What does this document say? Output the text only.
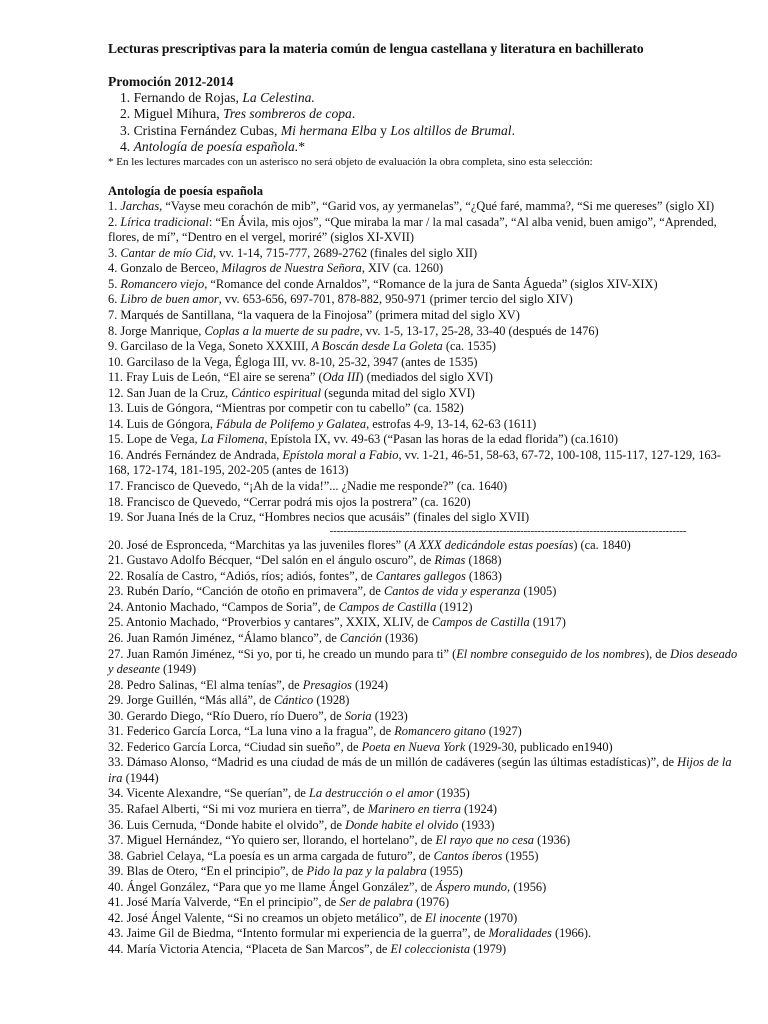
Lecturas prescriptivas para la materia común de lengua castellana y literatura en bachillerato

Promoción 2012-2014

1. Fernando de Rojas, La Celestina.
2. Miguel Mihura, Tres sombreros de copa.
3. Cristina Fernández Cubas, Mi hermana Elba y Los altillos de Brumal.
4. Antología de poesía española.*

* En les lectures marcades con un asterisco no será objeto de evaluación la obra completa, sino esta selección:

Antología de poesía española

1. Jarchas, “Vayse meu corachón de mib”, “Garid vos, ay yermanelas”, “¿Qué faré, mamma?, “Si me quereses” (siglo XI)
2. Lírica tradicional: “En Ávila, mis ojos”, “Que miraba la mar / la mal casada”, “Al alba venid, buen amigo”, “Aprended, flores, de mí”, “Dentro en el vergel, moriré” (siglos XI-XVII)
3. Cantar de mío Cid, vv. 1-14, 715-777, 2689-2762 (finales del siglo XII)
4. Gonzalo de Berceo, Milagros de Nuestra Señora, XIV (ca. 1260)
5. Romancero viejo, “Romance del conde Arnaldos”, “Romance de la jura de Santa Águeda” (siglos XIV-XIX)
6. Libro de buen amor, vv. 653-656, 697-701, 878-882, 950-971 (primer tercio del siglo XIV)
7. Marqués de Santillana, “la vaquera de la Finojosa” (primera mitad del siglo XV)
8. Jorge Manrique, Coplas a la muerte de su padre, vv. 1-5, 13-17, 25-28, 33-40 (después de 1476)
9. Garcilaso de la Vega, Soneto XXXIII, A Boscán desde La Goleta (ca. 1535)
10. Garcilaso de la Vega, Égloga III, vv. 8-10, 25-32, 3947 (antes de 1535)
11. Fray Luis de León, “El aire se serena” (Oda III) (mediados del siglo XVI)
12. San Juan de la Cruz, Cántico espiritual (segunda mitad del siglo XVI)
13. Luis de Góngora, “Mientras por competir con tu cabello” (ca. 1582)
14. Luis de Góngora, Fábula de Polifemo y Galatea, estrofas 4-9, 13-14, 62-63 (1611)
15. Lope de Vega, La Filomena, Epístola IX, vv. 49-63 (“Pasan las horas de la edad florida”) (ca.1610)
16. Andrés Fernández de Andrada, Epístola moral a Fabio, vv. 1-21, 46-51, 58-63, 67-72, 100-108, 115-117, 127-129, 163-168, 172-174, 181-195, 202-205 (antes de 1613)
17. Francisco de Quevedo, “¡Ah de la vida!”... ¿Nadie me responde?” (ca. 1640)
18. Francisco de Quevedo, “Cerrar podrá mis ojos la postrera” (ca. 1620)
19. Sor Juana Inés de la Cruz, “Hombres necios que acusáis” (finales del siglo XVII)
-------------------------------------------------------------------------------------------------------
20. José de Espronceda, “Marchitas ya las juveniles flores” (A XXX dedicándole estas poesías) (ca. 1840)
21. Gustavo Adolfo Bécquer, “Del salón en el ángulo oscuro”, de Rimas (1868)
22. Rosalía de Castro, “Adiós, ríos; adiós, fontes”, de Cantares gallegos (1863)
23. Rubén Darío, “Canción de otoño en primavera”, de Cantos de vida y esperanza (1905)
24. Antonio Machado, “Campos de Soria”, de Campos de Castilla (1912)
25. Antonio Machado, “Proverbios y cantares”, XXIX, XLIV, de Campos de Castilla (1917)
26. Juan Ramón Jiménez, “Álamo blanco”, de Canción (1936)
27. Juan Ramón Jiménez, “Si yo, por ti, he creado un mundo para ti” (El nombre conseguido de los nombres), de Dios deseado y deseante (1949)
28. Pedro Salinas, “El alma tenías”, de Presagios (1924)
29. Jorge Guillén, “Más allá”, de Cántico (1928)
30. Gerardo Diego, “Río Duero, río Duero”, de Soria (1923)
31. Federico García Lorca, “La luna vino a la fragua”, de Romancero gitano (1927)
32. Federico García Lorca, “Ciudad sin sueño”, de Poeta en Nueva York (1929-30, publicado en1940)
33. Dámaso Alonso, “Madrid es una ciudad de más de un millón de cadáveres (según las últimas estadísticas)”, de Hijos de la ira (1944)
34. Vicente Alexandre, “Se querían”, de La destrucción o el amor (1935)
35. Rafael Alberti, “Si mi voz muriera en tierra”, de Marinero en tierra (1924)
36. Luis Cernuda, “Donde habite el olvido”, de Donde habite el olvido (1933)
37. Miguel Hernández, “Yo quiero ser, llorando, el hortelano”, de El rayo que no cesa (1936)
38. Gabriel Celaya, “La poesía es un arma cargada de futuro”, de Cantos íberos (1955)
39. Blas de Otero, “En el principio”, de Pido la paz y la palabra (1955)
40. Ángel González, “Para que yo me llame Ángel González”, de Áspero mundo, (1956)
41. José María Valverde, “En el principio”, de Ser de palabra (1976)
42. José Ángel Valente, “Si no creamos un objeto metálico”, de El inocente (1970)
43. Jaime Gil de Biedma, “Intento formular mi experiencia de la guerra”, de Moralidades (1966).
44. María Victoria Atencia, “Placeta de San Marcos”, de El coleccionista (1979)
